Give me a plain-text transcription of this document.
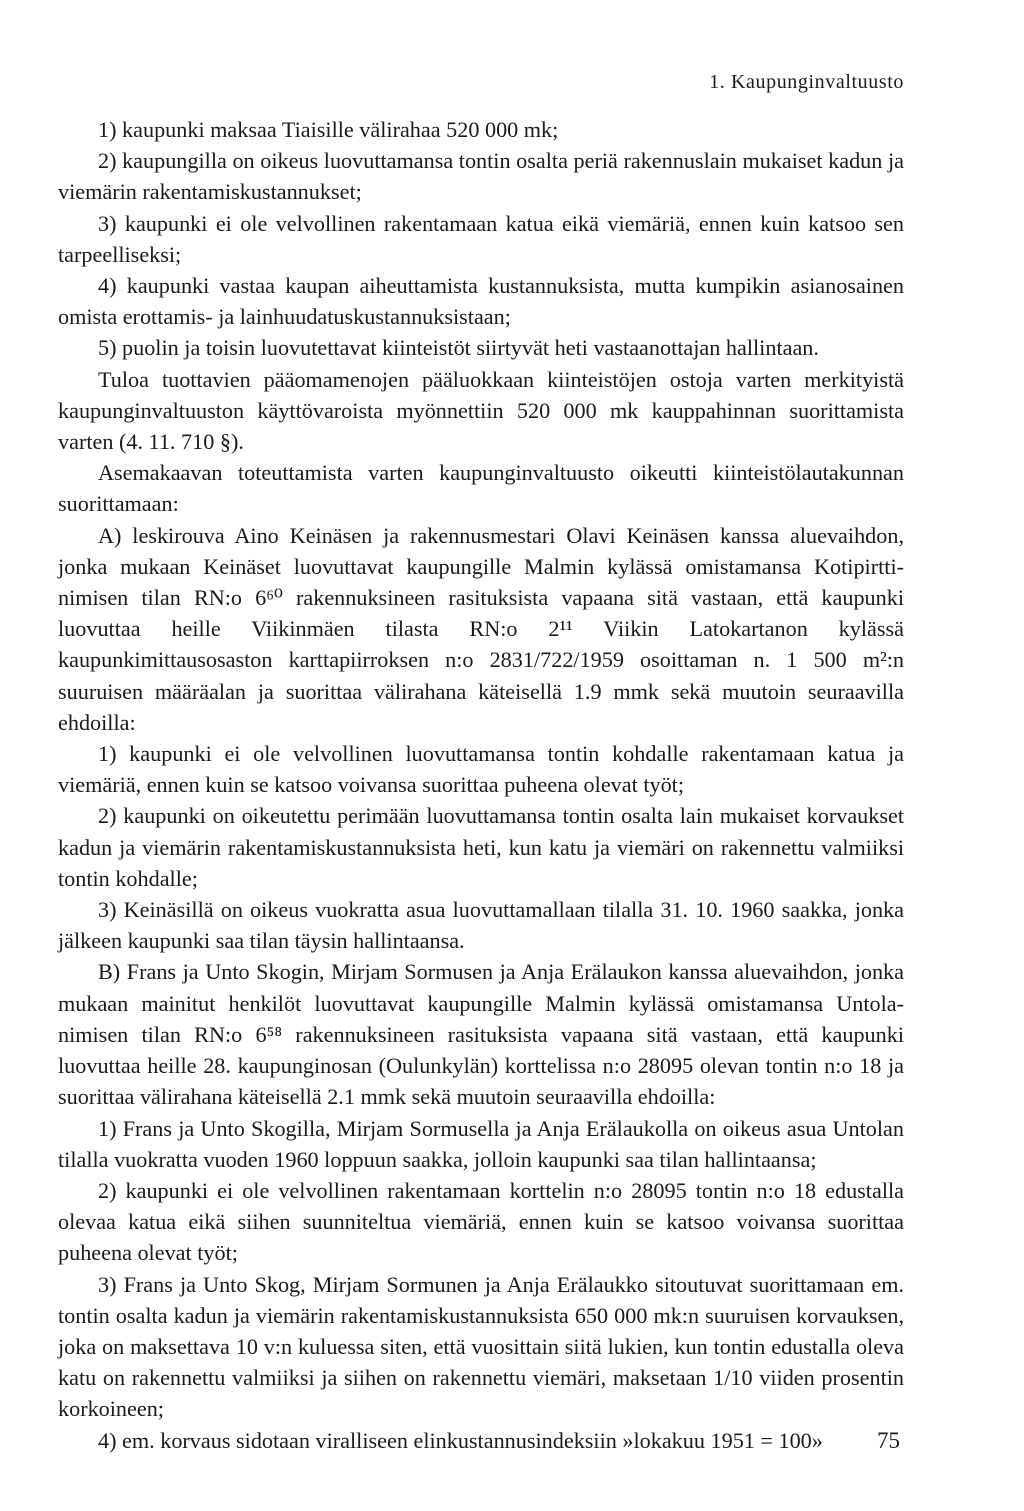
1. Kaupunginvaltuusto

1) kaupunki maksaa Tiaisille välirahaa 520 000 mk;

2) kaupungilla on oikeus luovuttamansa tontin osalta periä rakennuslain mukaiset kadun ja viemärin rakentamiskustannukset;

3) kaupunki ei ole velvollinen rakentamaan katua eikä viemäriä, ennen kuin katsoo sen tarpeelliseksi;

4) kaupunki vastaa kaupan aiheuttamista kustannuksista, mutta kumpikin asianosainen omista erottamis- ja lainhuudatuskustannuksistaan;

5) puolin ja toisin luovutettavat kiinteistöt siirtyvät heti vastaanottajan hallintaan.

Tuloa tuottavien pääomamenojen pääluokkaan kiinteistöjen ostoja varten merkityistä kaupunginvaltuuston käyttövaroista myönnettiin 520 000 mk kauppahinnan suorittamista varten (4. 11. 710 §).

Asemakaavan toteuttamista varten kaupunginvaltuusto oikeutti kiinteistölautakunnan suorittamaan:

A) leskirouva Aino Keinäsen ja rakennusmestari Olavi Keinäsen kanssa aluevaihdon, jonka mukaan Keinäset luovuttavat kaupungille Malmin kylässä omistamansa Kotipirtti-nimisen tilan RN:o 6⁶⁰ rakennuksineen rasituksista vapaana sitä vastaan, että kaupunki luovuttaa heille Viikinmäen tilasta RN:o 2¹¹ Viikin Latokartanon kylässä kaupunkimittausosaston karttapiirroksen n:o 2831/722/1959 osoittaman n. 1 500 m²:n suuruisen määräalan ja suorittaa välirahana käteisellä 1.9 mmk sekä muutoin seuraavilla ehdoilla:

1) kaupunki ei ole velvollinen luovuttamansa tontin kohdalle rakentamaan katua ja viemäriä, ennen kuin se katsoo voivansa suorittaa puheena olevat työt;

2) kaupunki on oikeutettu perimään luovuttamansa tontin osalta lain mukaiset korvaukset kadun ja viemärin rakentamiskustannuksista heti, kun katu ja viemäri on rakennettu valmiiksi tontin kohdalle;

3) Keinäsillä on oikeus vuokratta asua luovuttamallaan tilalla 31. 10. 1960 saakka, jonka jälkeen kaupunki saa tilan täysin hallintaansa.

B) Frans ja Unto Skogin, Mirjam Sormusen ja Anja Erälaukon kanssa aluevaihdon, jonka mukaan mainitut henkilöt luovuttavat kaupungille Malmin kylässä omistamansa Untola-nimisen tilan RN:o 6⁵⁸ rakennuksineen rasituksista vapaana sitä vastaan, että kaupunki luovuttaa heille 28. kaupunginosan (Oulunkylän) korttelissa n:o 28095 olevan tontin n:o 18 ja suorittaa välirahana käteisellä 2.1 mmk sekä muutoin seuraavilla ehdoilla:

1) Frans ja Unto Skogilla, Mirjam Sormusella ja Anja Erälaukolla on oikeus asua Untolan tilalla vuokratta vuoden 1960 loppuun saakka, jolloin kaupunki saa tilan hallintaansa;

2) kaupunki ei ole velvollinen rakentamaan korttelin n:o 28095 tontin n:o 18 edustalla olevaa katua eikä siihen suunniteltua viemäriä, ennen kuin se katsoo voivansa suorittaa puheena olevat työt;

3) Frans ja Unto Skog, Mirjam Sormunen ja Anja Erälaukko sitoutuvat suorittamaan em. tontin osalta kadun ja viemärin rakentamiskustannuksista 650 000 mk:n suuruisen korvauksen, joka on maksettava 10 v:n kuluessa siten, että vuosittain siitä lukien, kun tontin edustalla oleva katu on rakennettu valmiiksi ja siihen on rakennettu viemäri, maksetaan 1/10 viiden prosentin korkoineen;

4) em. korvaus sidotaan viralliseen elinkustannusindeksiin »lokakuu 1951 = 100»	75
